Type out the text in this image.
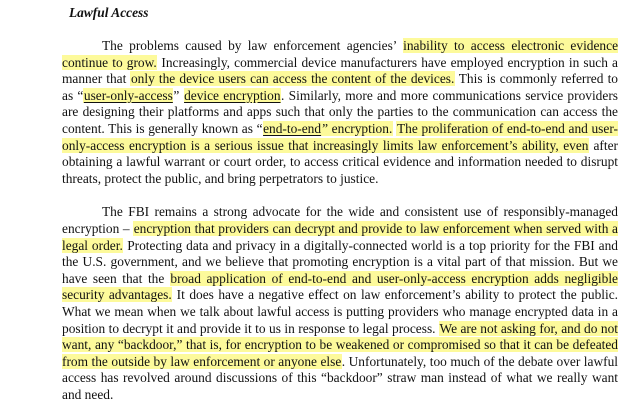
Lawful Access

The problems caused by law enforcement agencies’ inability to access electronic evidence continue to grow. Increasingly, commercial device manufacturers have employed encryption in such a manner that only the device users can access the content of the devices. This is commonly referred to as “user-only-access” device encryption. Similarly, more and more communications service providers are designing their platforms and apps such that only the parties to the communication can access the content. This is generally known as “end-to-end” encryption. The proliferation of end-to-end and user-only-access encryption is a serious issue that increasingly limits law enforcement’s ability, even after obtaining a lawful warrant or court order, to access critical evidence and information needed to disrupt threats, protect the public, and bring perpetrators to justice.

The FBI remains a strong advocate for the wide and consistent use of responsibly-managed encryption – encryption that providers can decrypt and provide to law enforcement when served with a legal order. Protecting data and privacy in a digitally-connected world is a top priority for the FBI and the U.S. government, and we believe that promoting encryption is a vital part of that mission. But we have seen that the broad application of end-to-end and user-only-access encryption adds negligible security advantages. It does have a negative effect on law enforcement’s ability to protect the public. What we mean when we talk about lawful access is putting providers who manage encrypted data in a position to decrypt it and provide it to us in response to legal process. We are not asking for, and do not want, any “backdoor,” that is, for encryption to be weakened or compromised so that it can be defeated from the outside by law enforcement or anyone else. Unfortunately, too much of the debate over lawful access has revolved around discussions of this “backdoor” straw man instead of what we really want and need.
